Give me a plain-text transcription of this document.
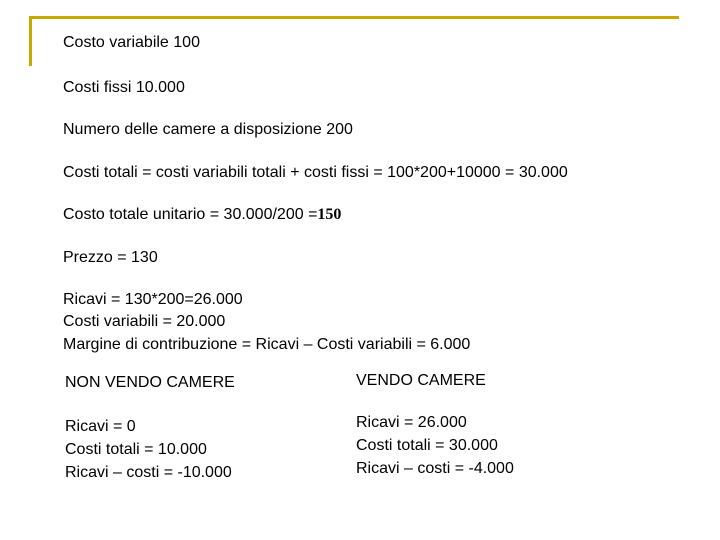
Costo variabile 100
Costi fissi 10.000
Numero delle camere a disposizione 200
Costi totali = costi variabili totali + costi fissi = 100*200+10000 = 30.000
Costo totale unitario = 30.000/200 =150
Prezzo = 130
Ricavi = 130*200=26.000
Costi variabili = 20.000
Margine di contribuzione = Ricavi – Costi variabili = 6.000
NON VENDO CAMERE	VENDO CAMERE
Ricavi = 0
Costi totali = 10.000
Ricavi – costi = -10.000
Ricavi = 26.000
Costi totali = 30.000
Ricavi – costi = -4.000
